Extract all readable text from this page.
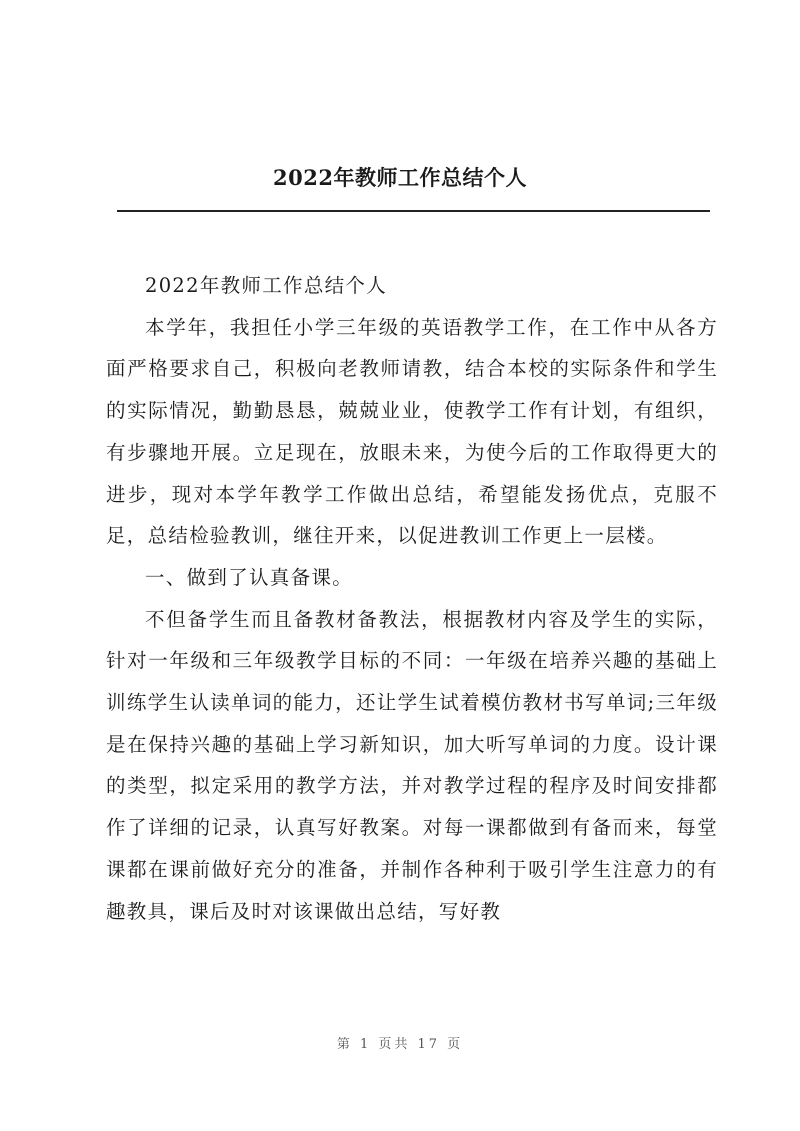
2022年教师工作总结个人

2022年教师工作总结个人

本学年，我担任小学三年级的英语教学工作，在工作中从各方面严格要求自己，积极向老教师请教，结合本校的实际条件和学生的实际情况，勤勤恳恳，兢兢业业，使教学工作有计划，有组织，有步骤地开展。立足现在，放眼未来，为使今后的工作取得更大的进步，现对本学年教学工作做出总结，希望能发扬优点，克服不足，总结检验教训，继往开来，以促进教训工作更上一层楼。

一、做到了认真备课。

不但备学生而且备教材备教法，根据教材内容及学生的实际，针对一年级和三年级教学目标的不同：一年级在培养兴趣的基础上训练学生认读单词的能力，还让学生试着模仿教材书写单词;三年级是在保持兴趣的基础上学习新知识，加大听写单词的力度。设计课的类型，拟定采用的教学方法，并对教学过程的程序及时间安排都作了详细的记录，认真写好教案。对每一课都做到有备而来，每堂课都在课前做好充分的准备，并制作各种利于吸引学生注意力的有趣教具，课后及时对该课做出总结，写好教

第 1 页共 17 页
